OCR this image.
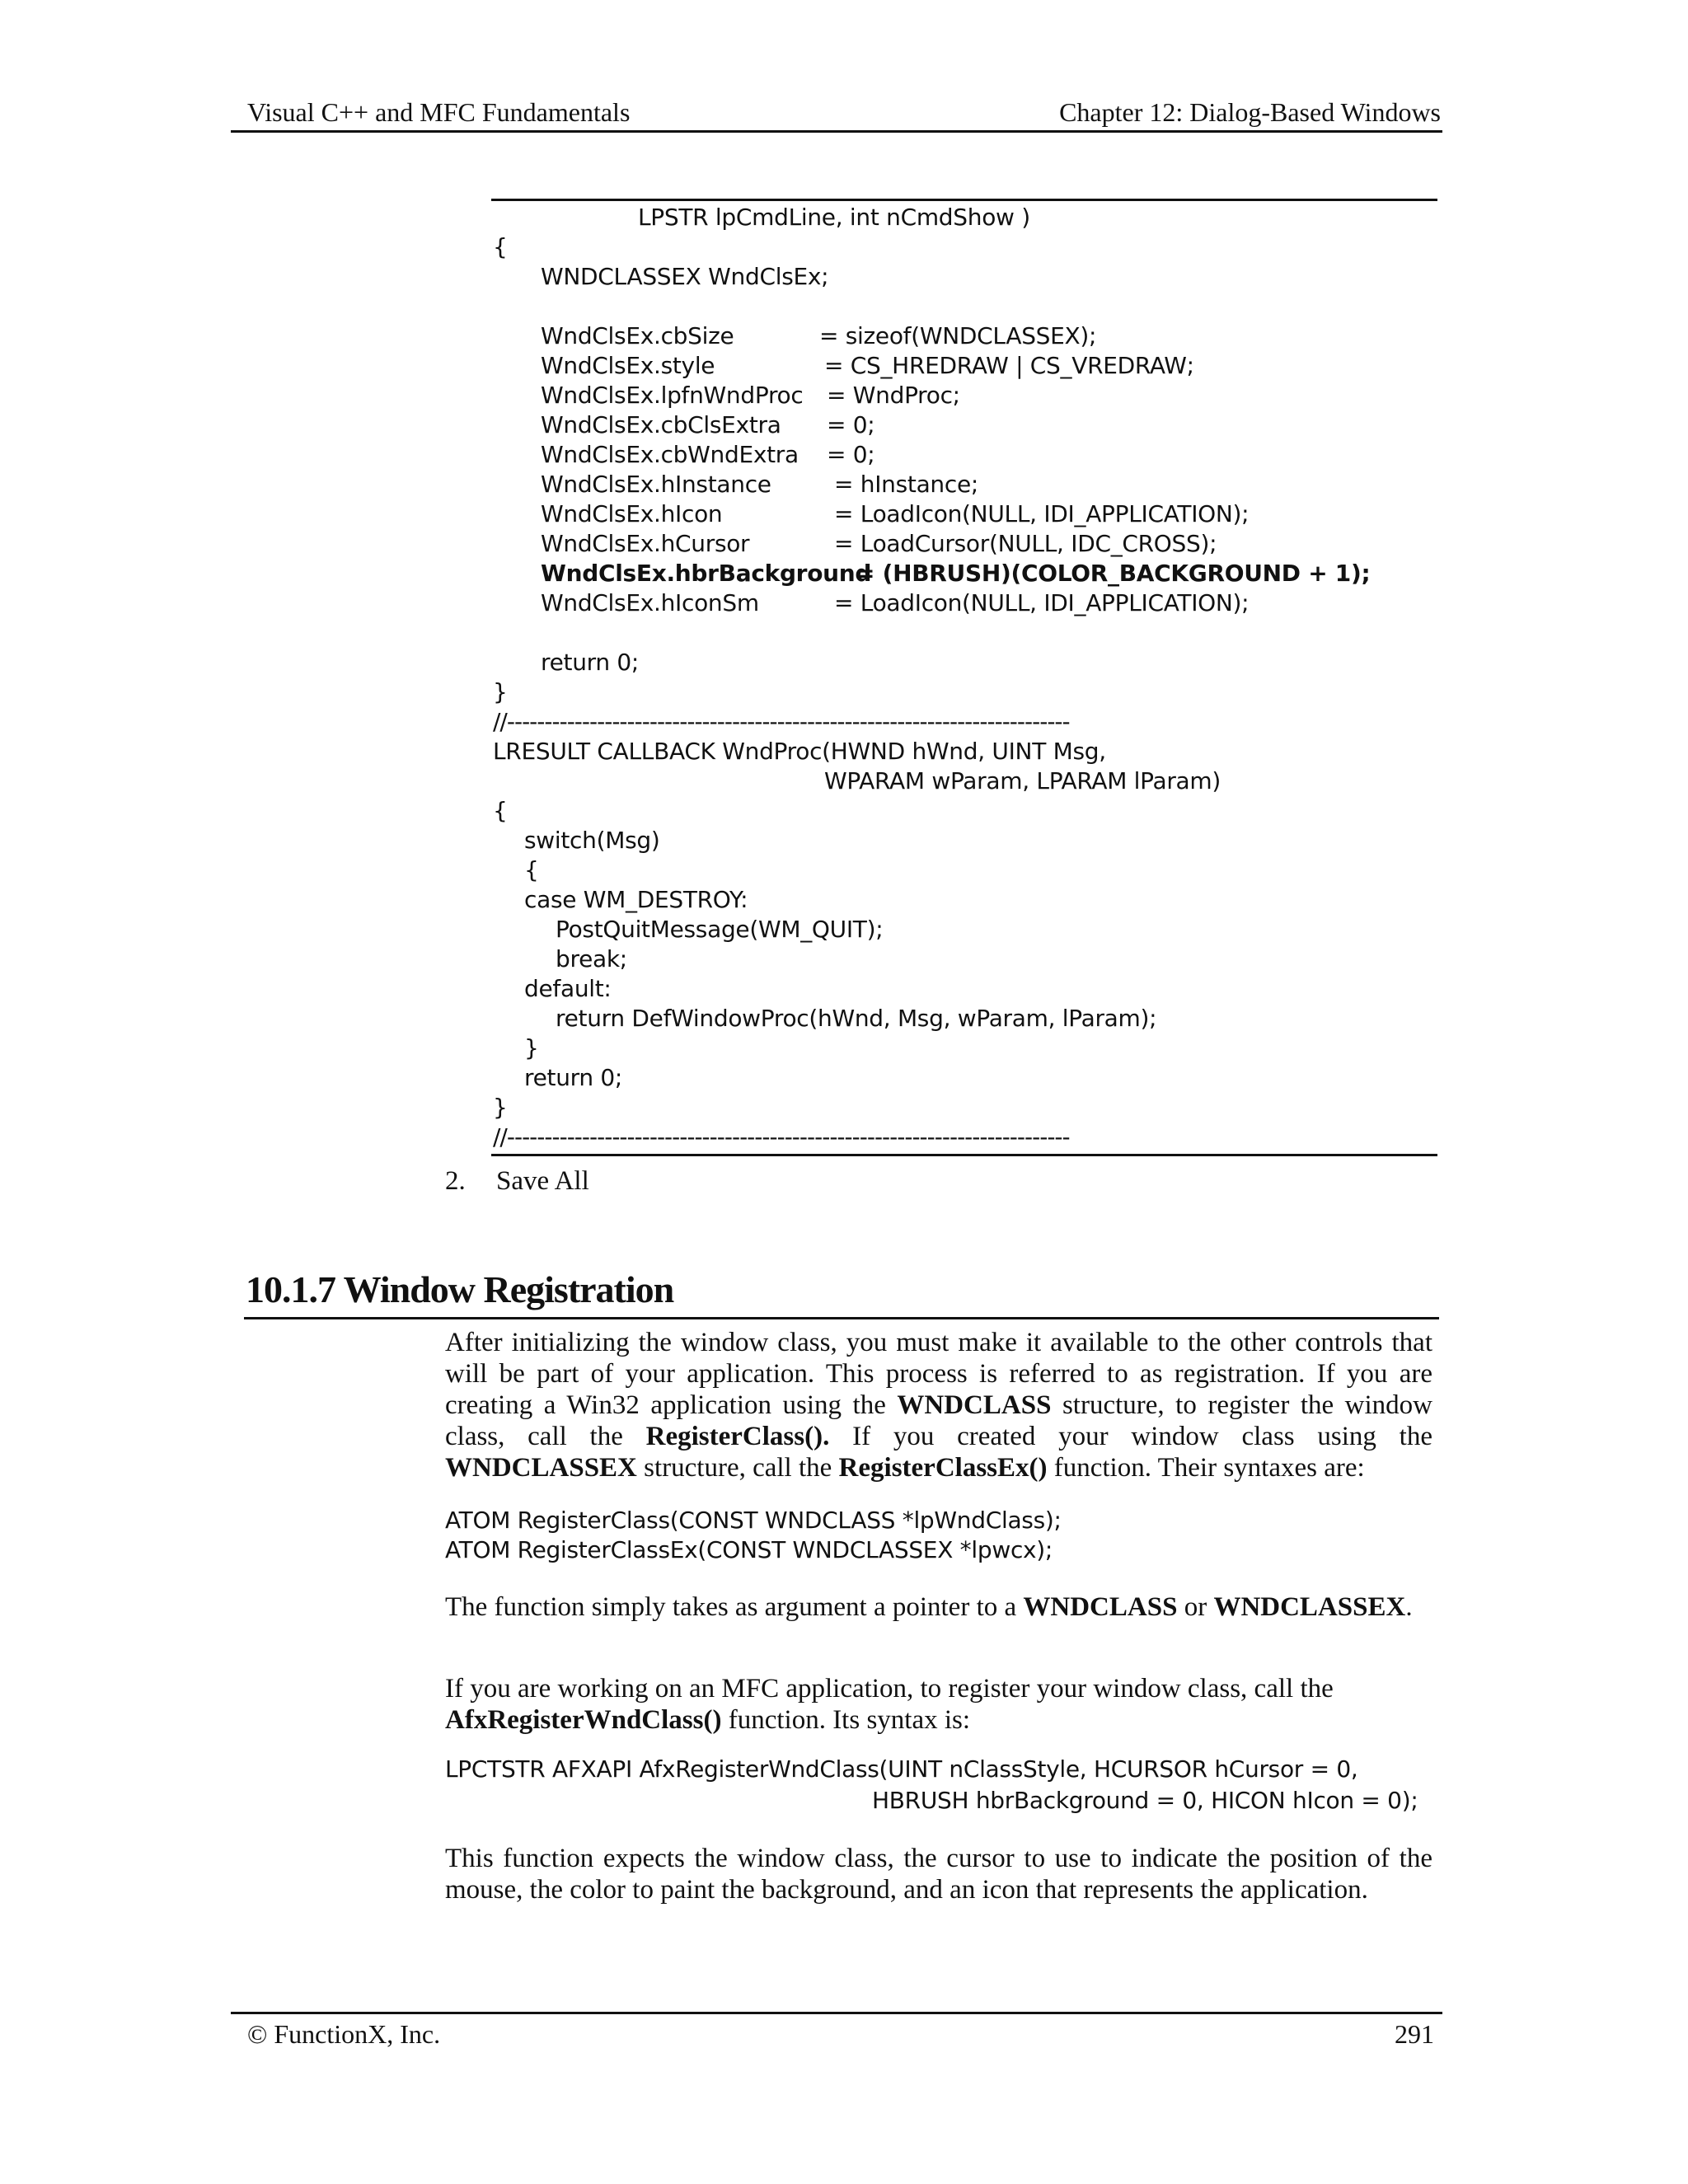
Visual C++ and MFC Fundamentals	Chapter 12: Dialog-Based Windows
LPSTR lpCmdLine, int nCmdShow )
{
WNDCLASSEX WndClsEx;
WndClsEx.cbSize	= sizeof(WNDCLASSEX);
WndClsEx.style	= CS_HREDRAW | CS_VREDRAW;
WndClsEx.lpfnWndProc = WndProc;
WndClsEx.cbClsExtra = 0;
WndClsEx.cbWndExtra = 0;
WndClsEx.hInstance	= hInstance;
WndClsEx.hIcon	= LoadIcon(NULL, IDI_APPLICATION);
WndClsEx.hCursor	= LoadCursor(NULL, IDC_CROSS);
WndClsEx.hbrBackground
= (HBRUSH)(COLOR_BACKGROUND + 1);
WndClsEx.hIconSm	= LoadIcon(NULL, IDI_APPLICATION);
return 0;
}
//---------------------------------------------------------------------------
LRESULT CALLBACK WndProc(HWND hWnd, UINT Msg,
WPARAM wParam, LPARAM lParam)
{
switch(Msg)
{
case WM_DESTROY:
PostQuitMessage(WM_QUIT);
break;
default:
return DefWindowProc(hWnd, Msg, wParam, lParam);
}
return 0;
}
//---------------------------------------------------------------------------
2. Save All
10.1.7 Window Registration

After initializing the window class, you must make it available to the other controls that will be part of your application. This process is referred to as registration. If you are creating a Win32 application using the WNDCLASS structure, to register the window class, call the RegisterClass(). If you created your window class using the WNDCLASSEX structure, call the RegisterClassEx() function. Their syntaxes are:

ATOM RegisterClass(CONST WNDCLASS *lpWndClass);
ATOM RegisterClassEx(CONST WNDCLASSEX *lpwcx);

The function simply takes as argument a pointer to a WNDCLASS or WNDCLASSEX.

If you are working on an MFC application, to register your window class, call the
AfxRegisterWndClass() function. Its syntax is:

LPCTSTR AFXAPI AfxRegisterWndClass(UINT nClassStyle, HCURSOR hCursor = 0,
HBRUSH hbrBackground = 0, HICON hIcon = 0);

This function expects the window class, the cursor to use to indicate the position of the mouse, the color to paint the background, and an icon that represents the application.

© FunctionX, Inc.	291
